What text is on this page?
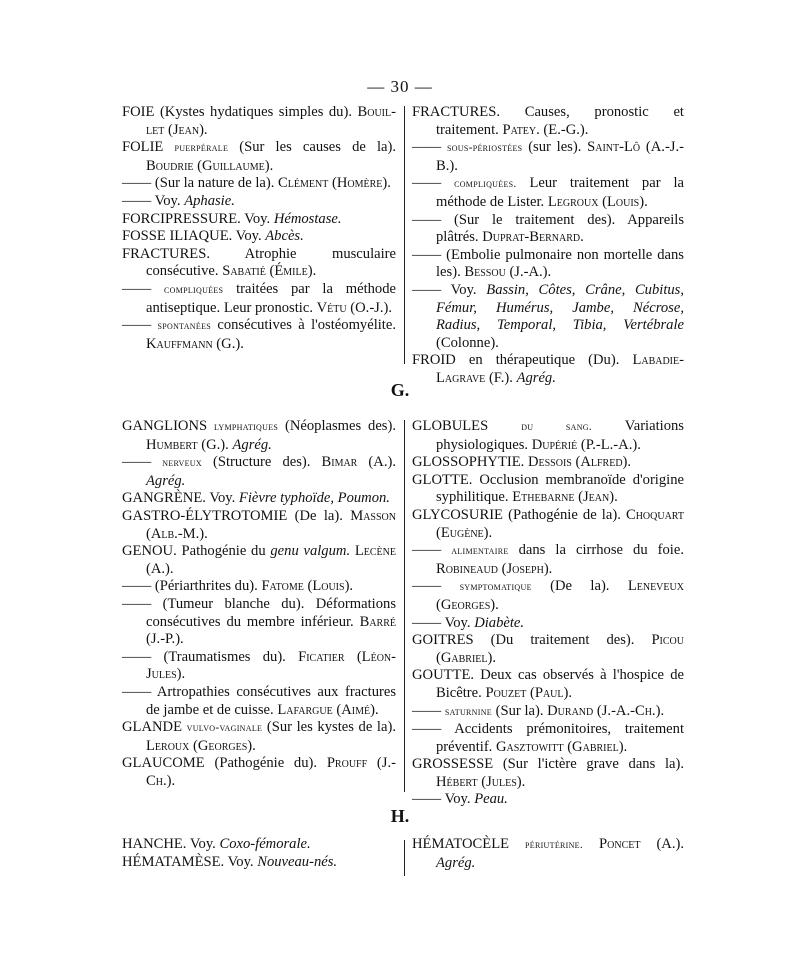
— 30 —
FOIE (Kystes hydatiques simples du). Bouil-let (Jean).
FOLIE puerpérale (Sur les causes de la). Boudrie (Guillaume).
—— (Sur la nature de la). Clément (Homère).
—— Voy. Aphasie.
FORCIPRESSURE. Voy. Hémostase.
FOSSE ILIAQUE. Voy. Abcès.
FRACTURES. Atrophie musculaire consécutive. Sabatié (Émile).
—— compliquées traitées par la méthode antiseptique. Leur pronostic. Vétu (O.-J.).
—— spontanées consécutives à l'ostéomyélite. Kauffmann (G.).
FRACTURES. Causes, pronostic et traitement. Patey. (E.-G.).
—— sous-périostées (sur les). Saint-Lô (A.-J.-B.).
—— compliquées. Leur traitement par la méthode de Lister. Legroux (Louis).
—— (Sur le traitement des). Appareils plâtrés. Duprat-Bernard.
—— (Embolie pulmonaire non mortelle dans les). Bessou (J.-A.).
—— Voy. Bassin, Côtes, Crâne, Cubitus, Fémur, Humérus, Jambe, Nécrose, Radius, Temporal, Tibia, Vertébrale (Colonne).
FROID en thérapeutique (Du). Labadie-Lagrave (F.). Agrég.
G.
GANGLIONS lymphatiques (Néoplasmes des). Humbert (G.). Agrég.
—— nerveux (Structure des). Bimar (A.). Agrég.
GANGRÈNE. Voy. Fièvre typhoïde, Poumon.
GASTRO-ÉLYTROTOMIE (De la). Masson (Alb.-M.).
GENOU. Pathogénie du genu valgum. Lecène (A.).
—— (Périarthrites du). Fatome (Louis).
—— (Tumeur blanche du). Déformations consécutives du membre inférieur. Barré (J.-P.).
—— (Traumatismes du). Ficatier (Léon-Jules).
—— Artropathies consécutives aux fractures de jambe et de cuisse. Lafargue (Aimé).
GLANDE vulvo-vaginale (Sur les kystes de la). Leroux (Georges).
GLAUCOME (Pathogénie du). Prouff (J.-Ch.).
GLOBULES	du sang. Variations physiologiques. Dupérié (P.-L.-A.).
GLOSSOPHYTIE. Dessois (Alfred).
GLOTTE. Occlusion membranoïde d'origine syphilitique. Ethebarne (Jean).
GLYCOSURIE (Pathogénie de la). Choquart (Eugène).
—— alimentaire dans la cirrhose du foie. Robineaud (Joseph).
—— symptomatique (De la). Leneveux (Georges).
—— Voy. Diabète.
GOITRES (Du traitement des). Picou (Gabriel).
GOUTTE. Deux cas observés à l'hospice de Bicêtre. Pouzet (Paul).
—— saturnine (Sur la). Durand (J.-A.-Ch.).
—— Accidents prémonitoires, traitement préventif. Gasztowitt (Gabriel).
GROSSESSE (Sur l'ictère grave dans la). Hébert (Jules).
—— Voy. Peau.
H.
HANCHE. Voy. Coxo-fémorale.
HÉMATAMÈSE. Voy. Nouveau-nés.
HÉMATOCÈLE périutérine. Poncet (A.). Agrég.
